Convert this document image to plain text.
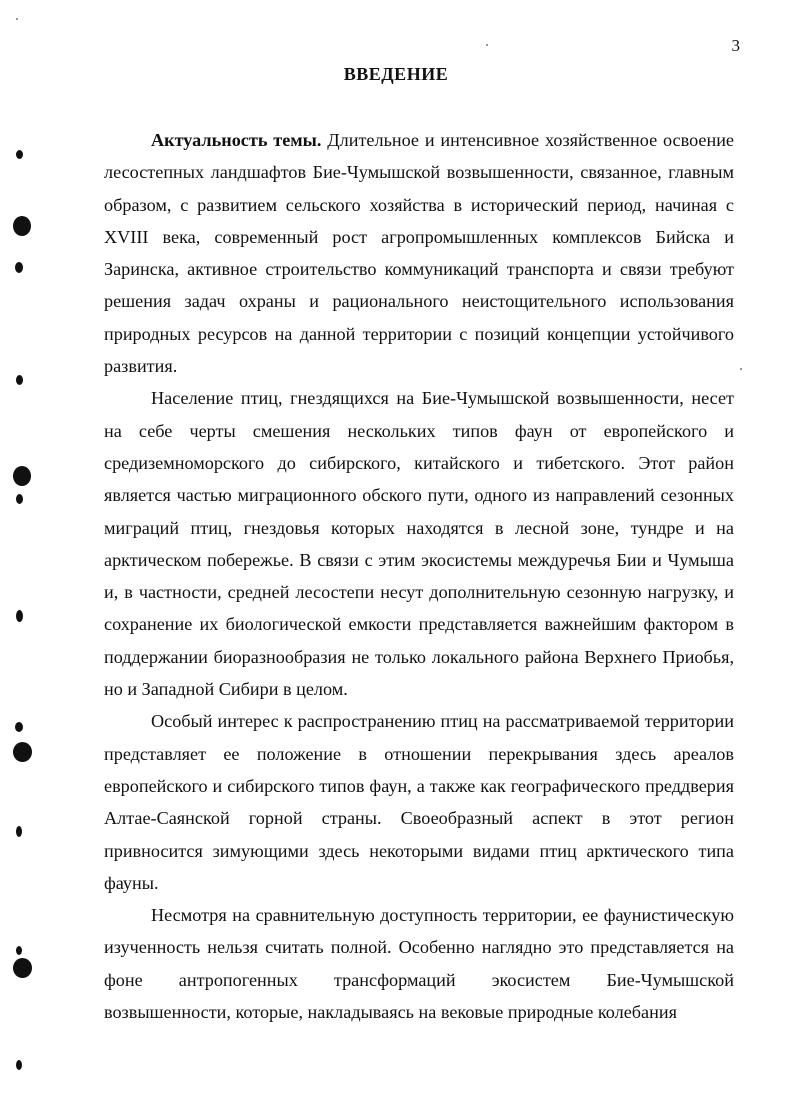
3
ВВЕДЕНИЕ

Актуальность темы. Длительное и интенсивное хозяйственное освоение лесостепных ландшафтов Бие-Чумышской возвышенности, связанное, главным образом, с развитием сельского хозяйства в исторический период, начиная с XVIII века, современный рост агропромышленных комплексов Бийска и Заринска, активное строительство коммуникаций транспорта и связи требуют решения задач охраны и рационального неистощительного использования природных ресурсов на данной территории с позиций концепции устойчивого развития.

Население птиц, гнездящихся на Бие-Чумышской возвышенности, несет на себе черты смешения нескольких типов фаун от европейского и средиземноморского до сибирского, китайского и тибетского. Этот район является частью миграционного обского пути, одного из направлений сезонных миграций птиц, гнездовья которых находятся в лесной зоне, тундре и на арктическом побережье. В связи с этим экосистемы междуречья Бии и Чумыша и, в частности, средней лесостепи несут дополнительную сезонную нагрузку, и сохранение их биологической емкости представляется важнейшим фактором в поддержании биоразнообразия не только локального района Верхнего Приобья, но и Западной Сибири в целом.

Особый интерес к распространению птиц на рассматриваемой территории представляет ее положение в отношении перекрывания здесь ареалов европейского и сибирского типов фаун, а также как географического преддверия Алтае-Саянской горной страны. Своеобразный аспект в этот регион привносится зимующими здесь некоторыми видами птиц арктического типа фауны.

Несмотря на сравнительную доступность территории, ее фаунистическую изученность нельзя считать полной. Особенно наглядно это представляется на фоне антропогенных трансформаций экосистем Бие-Чумышской возвышенности, которые, накладываясь на вековые природные колебания
